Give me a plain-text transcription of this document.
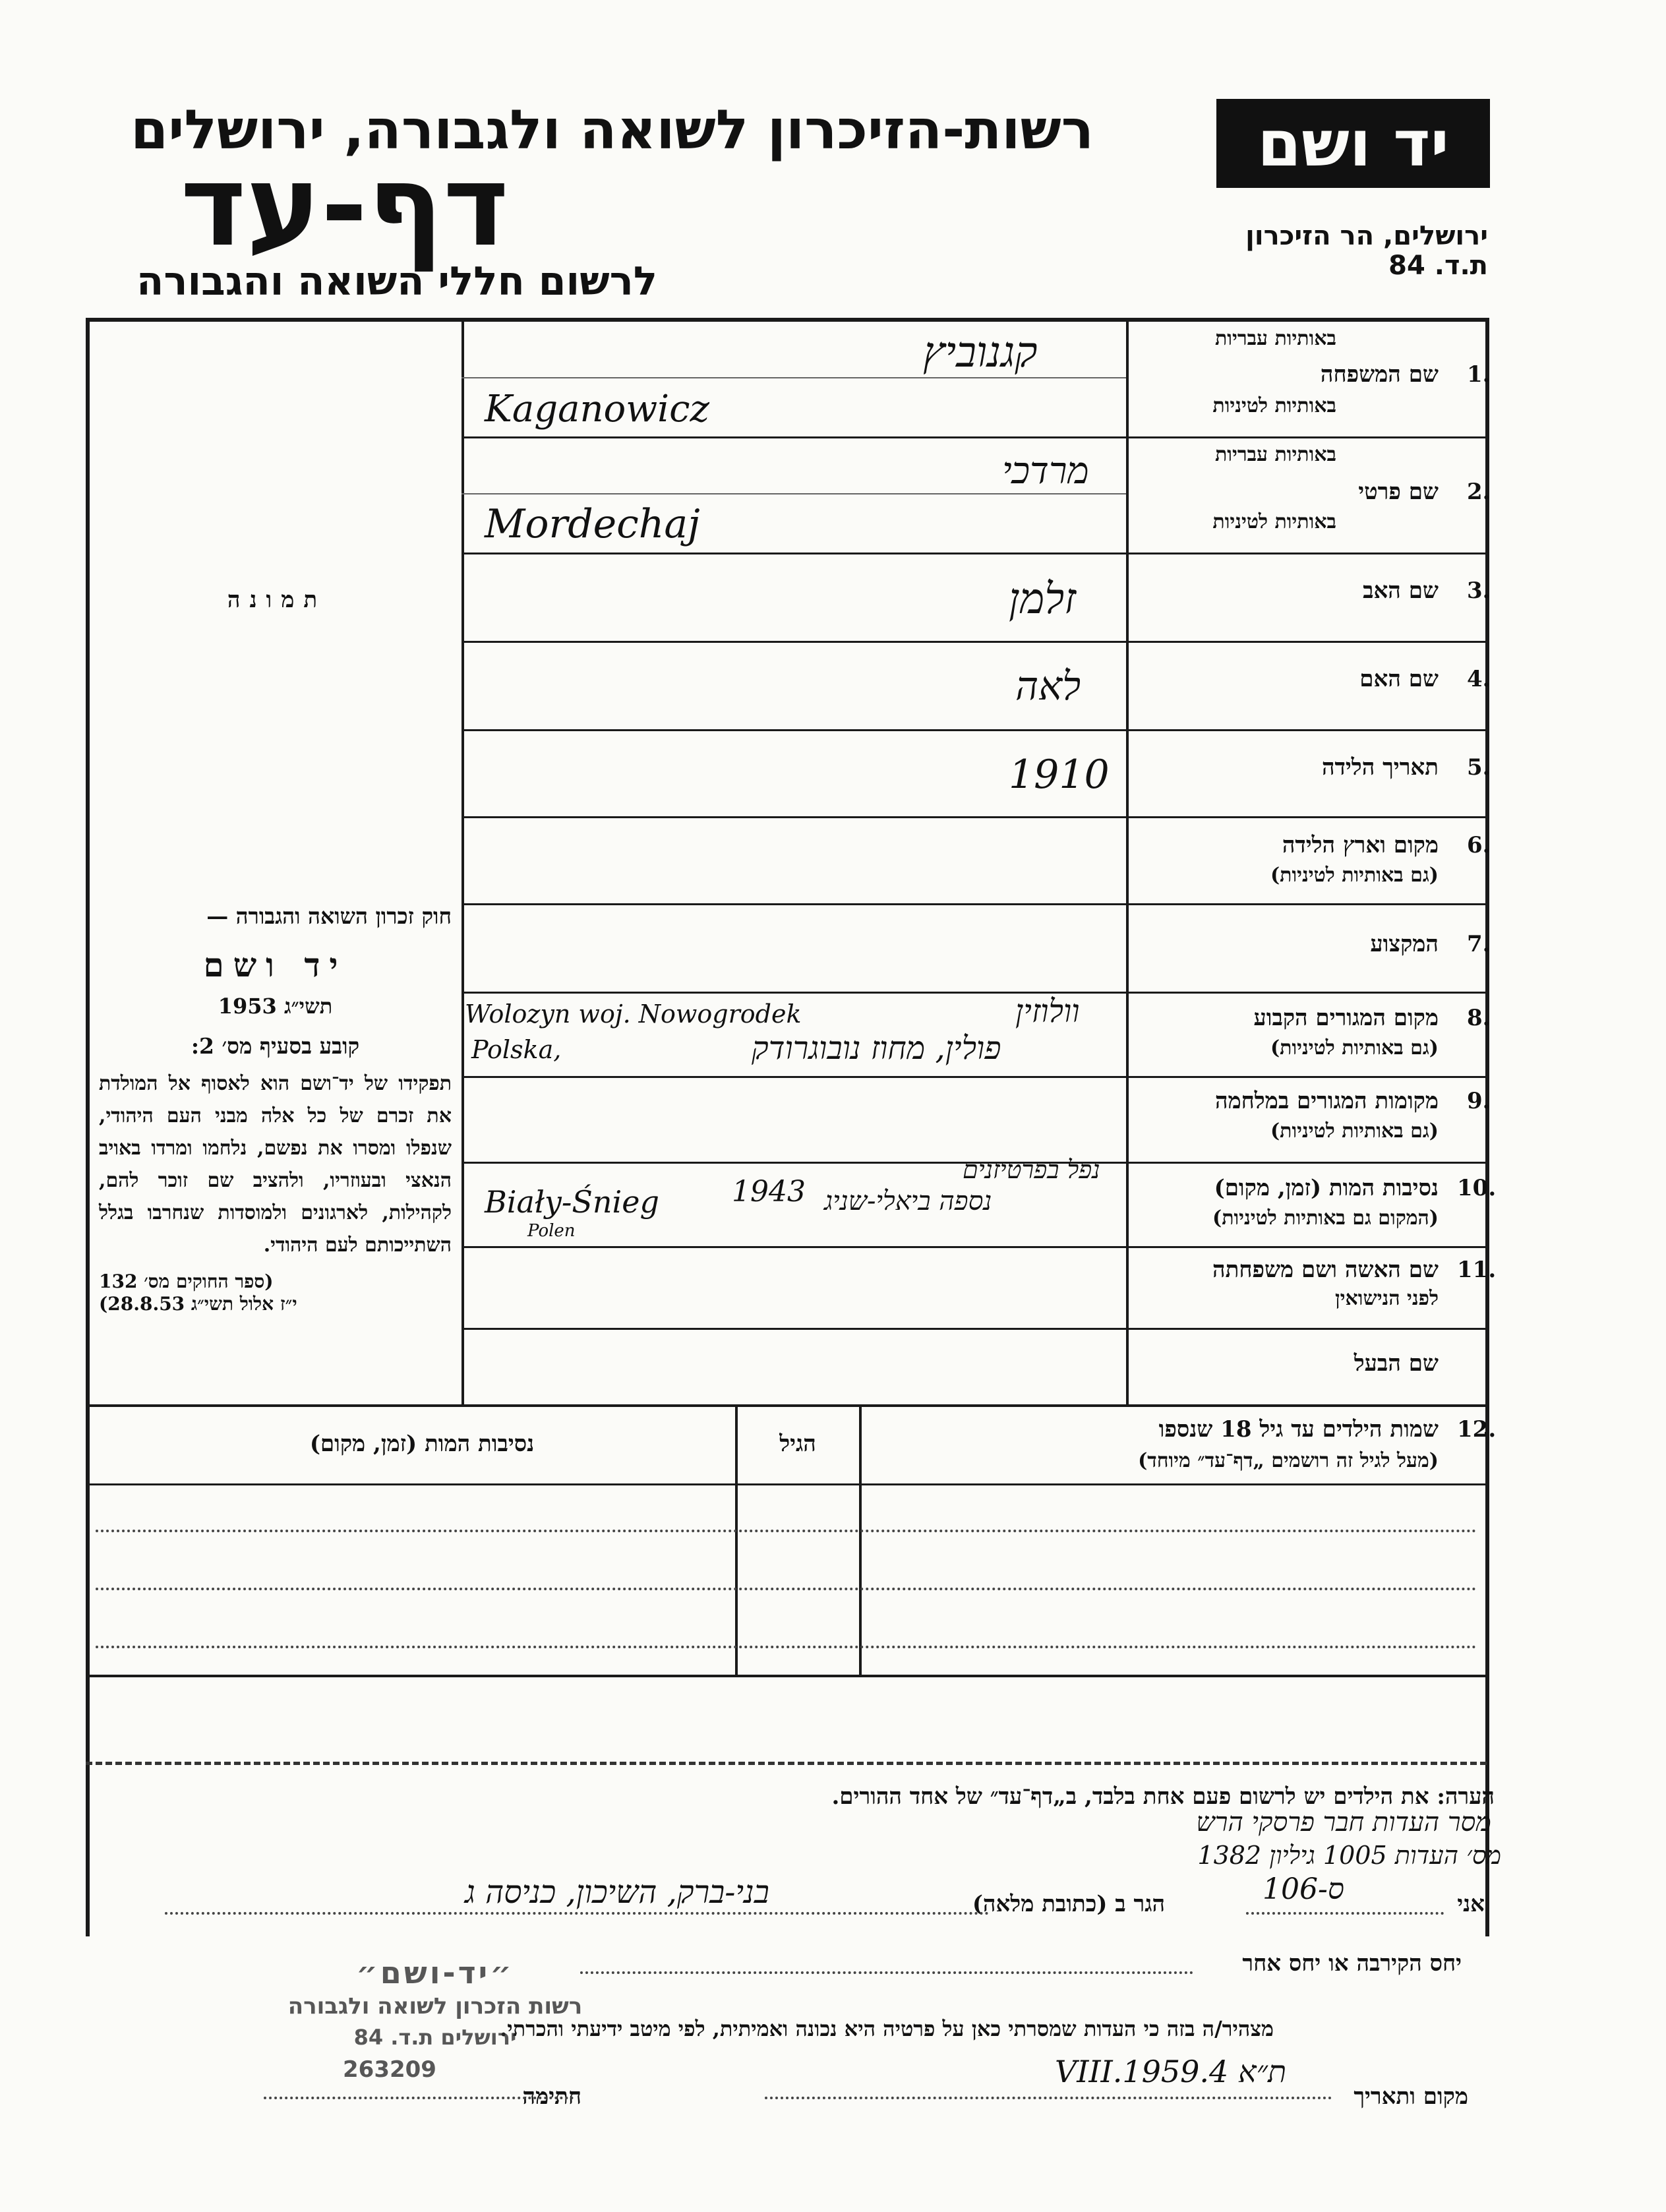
רשות-הזיכרון לשואה ולגבורה, ירושלים
דף-עד
לרשום חללי השואה והגבורה
יד ושם
ירושלים, הר הזיכרון
ת.ד. 84
תמונה
חוק זכרון השואה והגבורה —
יד ושם
תשי״ג 1953
קובע בסעיף מס׳ 2:
תפקידו של יד־ושם הוא לאסוף אל המולדת את זכרם של כל אלה מבני העם היהודי, שנפלו ומסרו את נפשם, נלחמו ומרדו באויב הנאצי ובעוזריו, ולהציב שם זוכר להם, לקהילות, לארגונים ולמוסדות שנחרבו בגלל השתייכותם לעם היהודי.
(ספר החוקים מס׳ 132
י״ז אלול תשי״ג 28.8.53)
באותיות עבריות
שם המשפחה 1.
באותיות לטיניות
באותיות עבריות
שם פרטי 2.
באותיות לטיניות
שם האב 3.
שם האם 4.
תאריך הלידה 5.
מקום וארץ הלידה 6.
(גם באותיות לטיניות)
המקצוע 7.
מקום המגורים הקבוע 8.
(גם באותיות לטיניות)
מקומות המגורים במלחמה 9.
(גם באותיות לטיניות)
נסיבות המות (זמן, מקום) 10.
(המקום גם באותיות לטיניות)
שם האשה ושם משפחתה 11.
לפני הנישואין
שם הבעל
קגנוביץ
Kaganowicz
מרדכי
Mordechaj
זלמן
לאה
1910
וולוזין
פולין, מחוז נובוגרודק
Wolozyn woj. Nowogrodek
Polska,
נפל בפרטיזנים
נספה ביאלי-שניג
1943
Biały-Śnieg
Polen
12.
שמות הילדים עד גיל 18 שנספו
(מעל לגיל זה רושמים „דף־עד״ מיוחד)
הגיל
נסיבות המות (זמן, מקום)
הערה: את הילדים יש לרשום פעם אחת בלבד, ב„דף־עד״ של אחד ההורים.
מסר העדות חבר פרסקי הרש
מס׳ העדות 1005 גיליון 1382
אני
ס-106
הגר ב (כתובת מלאה)
בני-ברק, השיכון, כניסה ג
יחס הקירבה או יחס אחר
מצהיר/ה בזה כי העדות שמסרתי כאן על פרטיה היא נכונה ואמיתית, לפי מיטב ידיעתי והכרתי.
מקום ותאריך
ת״א 4.VIII.1959
חתימה
״יד-ושם״
רשות הזכרון לשואה ולגבורה
ירושלים ת.ד. 84
263209
